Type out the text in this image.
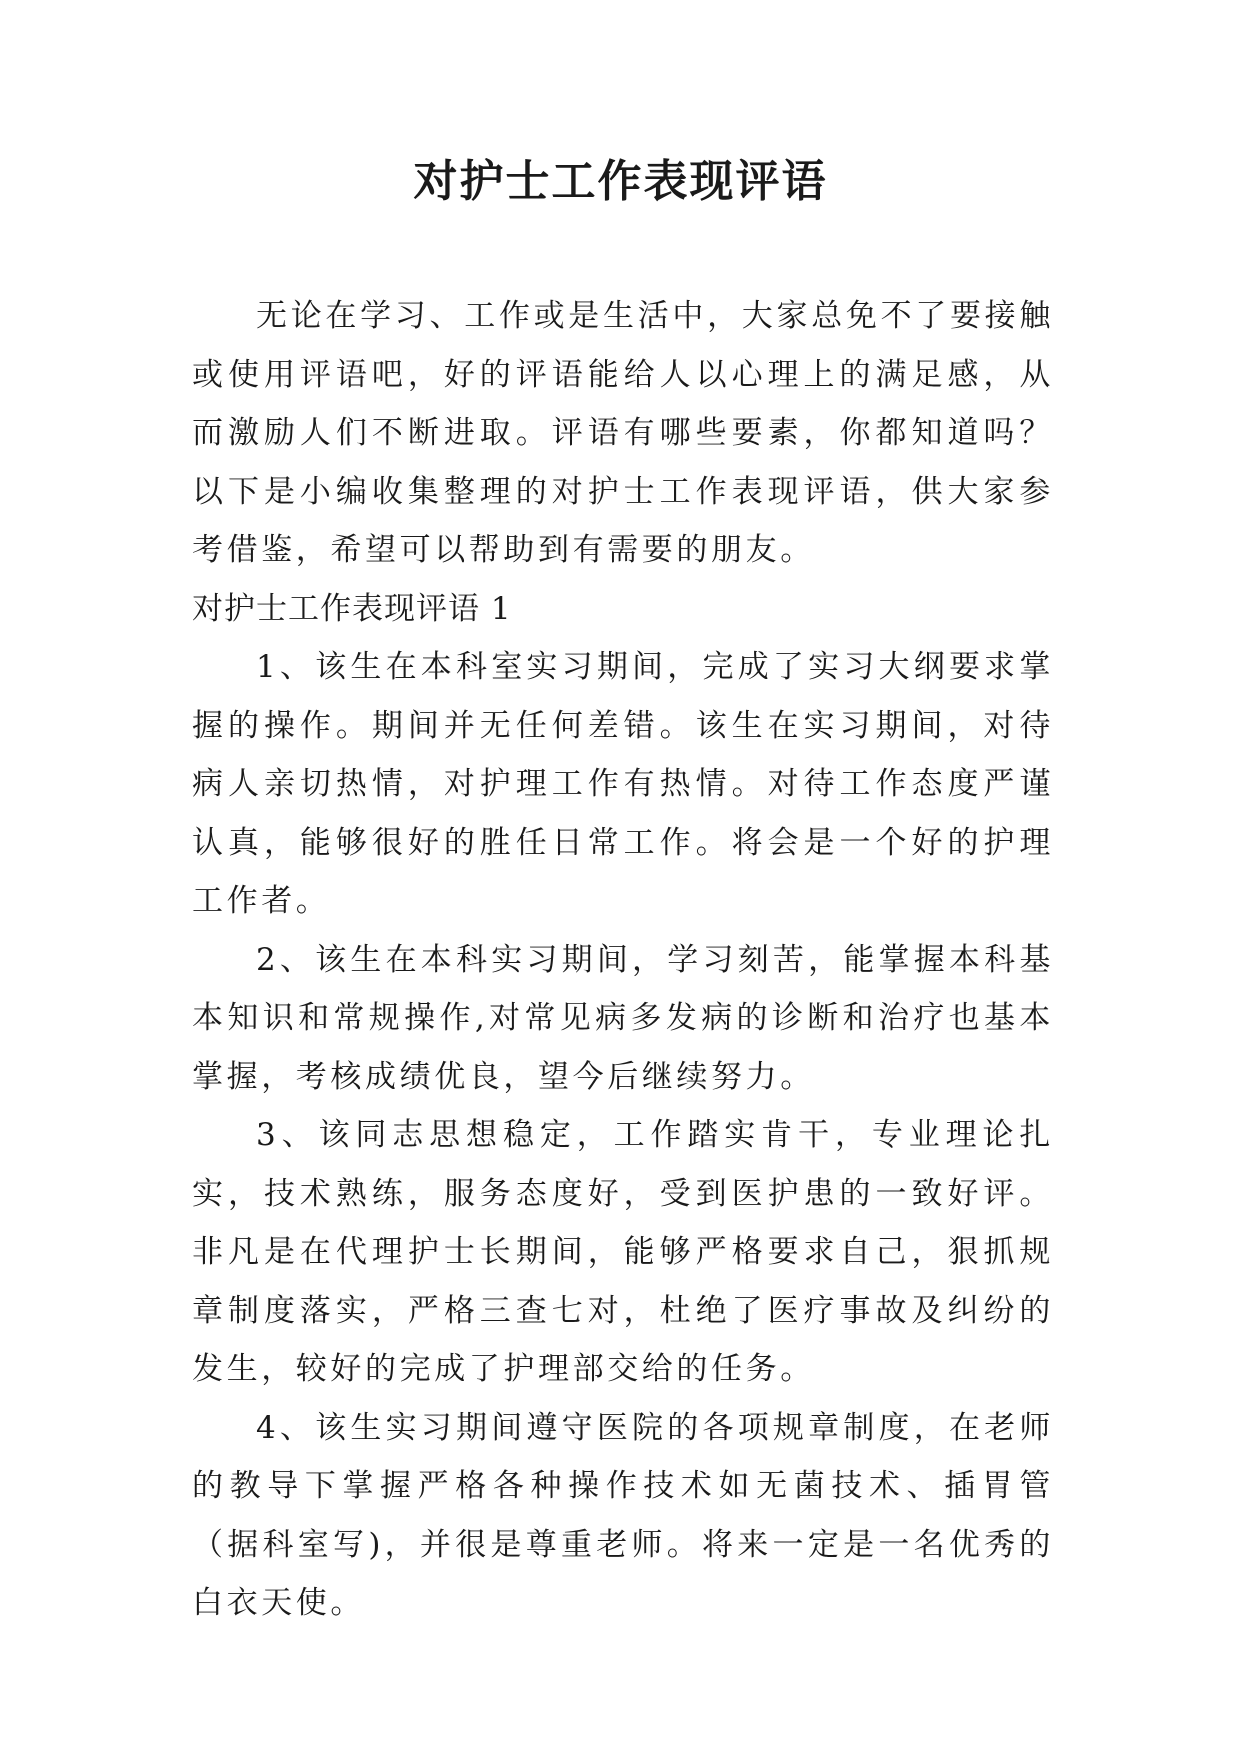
对护士工作表现评语

无论在学习、工作或是生活中，大家总免不了要接触或使用评语吧，好的评语能给人以心理上的满足感，从而激励人们不断进取。评语有哪些要素，你都知道吗？以下是小编收集整理的对护士工作表现评语，供大家参考借鉴，希望可以帮助到有需要的朋友。

对护士工作表现评语 1

1、该生在本科室实习期间，完成了实习大纲要求掌握的操作。期间并无任何差错。该生在实习期间，对待病人亲切热情，对护理工作有热情。对待工作态度严谨认真，能够很好的胜任日常工作。将会是一个好的护理工作者。

2、该生在本科实习期间，学习刻苦，能掌握本科基本知识和常规操作,对常见病多发病的诊断和治疗也基本掌握，考核成绩优良，望今后继续努力。

3、该同志思想稳定，工作踏实肯干，专业理论扎实，技术熟练，服务态度好，受到医护患的一致好评。非凡是在代理护士长期间，能够严格要求自己，狠抓规章制度落实，严格三查七对，杜绝了医疗事故及纠纷的发生，较好的完成了护理部交给的任务。

4、该生实习期间遵守医院的各项规章制度，在老师的教导下掌握严格各种操作技术如无菌技术、插胃管（据科室写)，并很是尊重老师。将来一定是一名优秀的白衣天使。
